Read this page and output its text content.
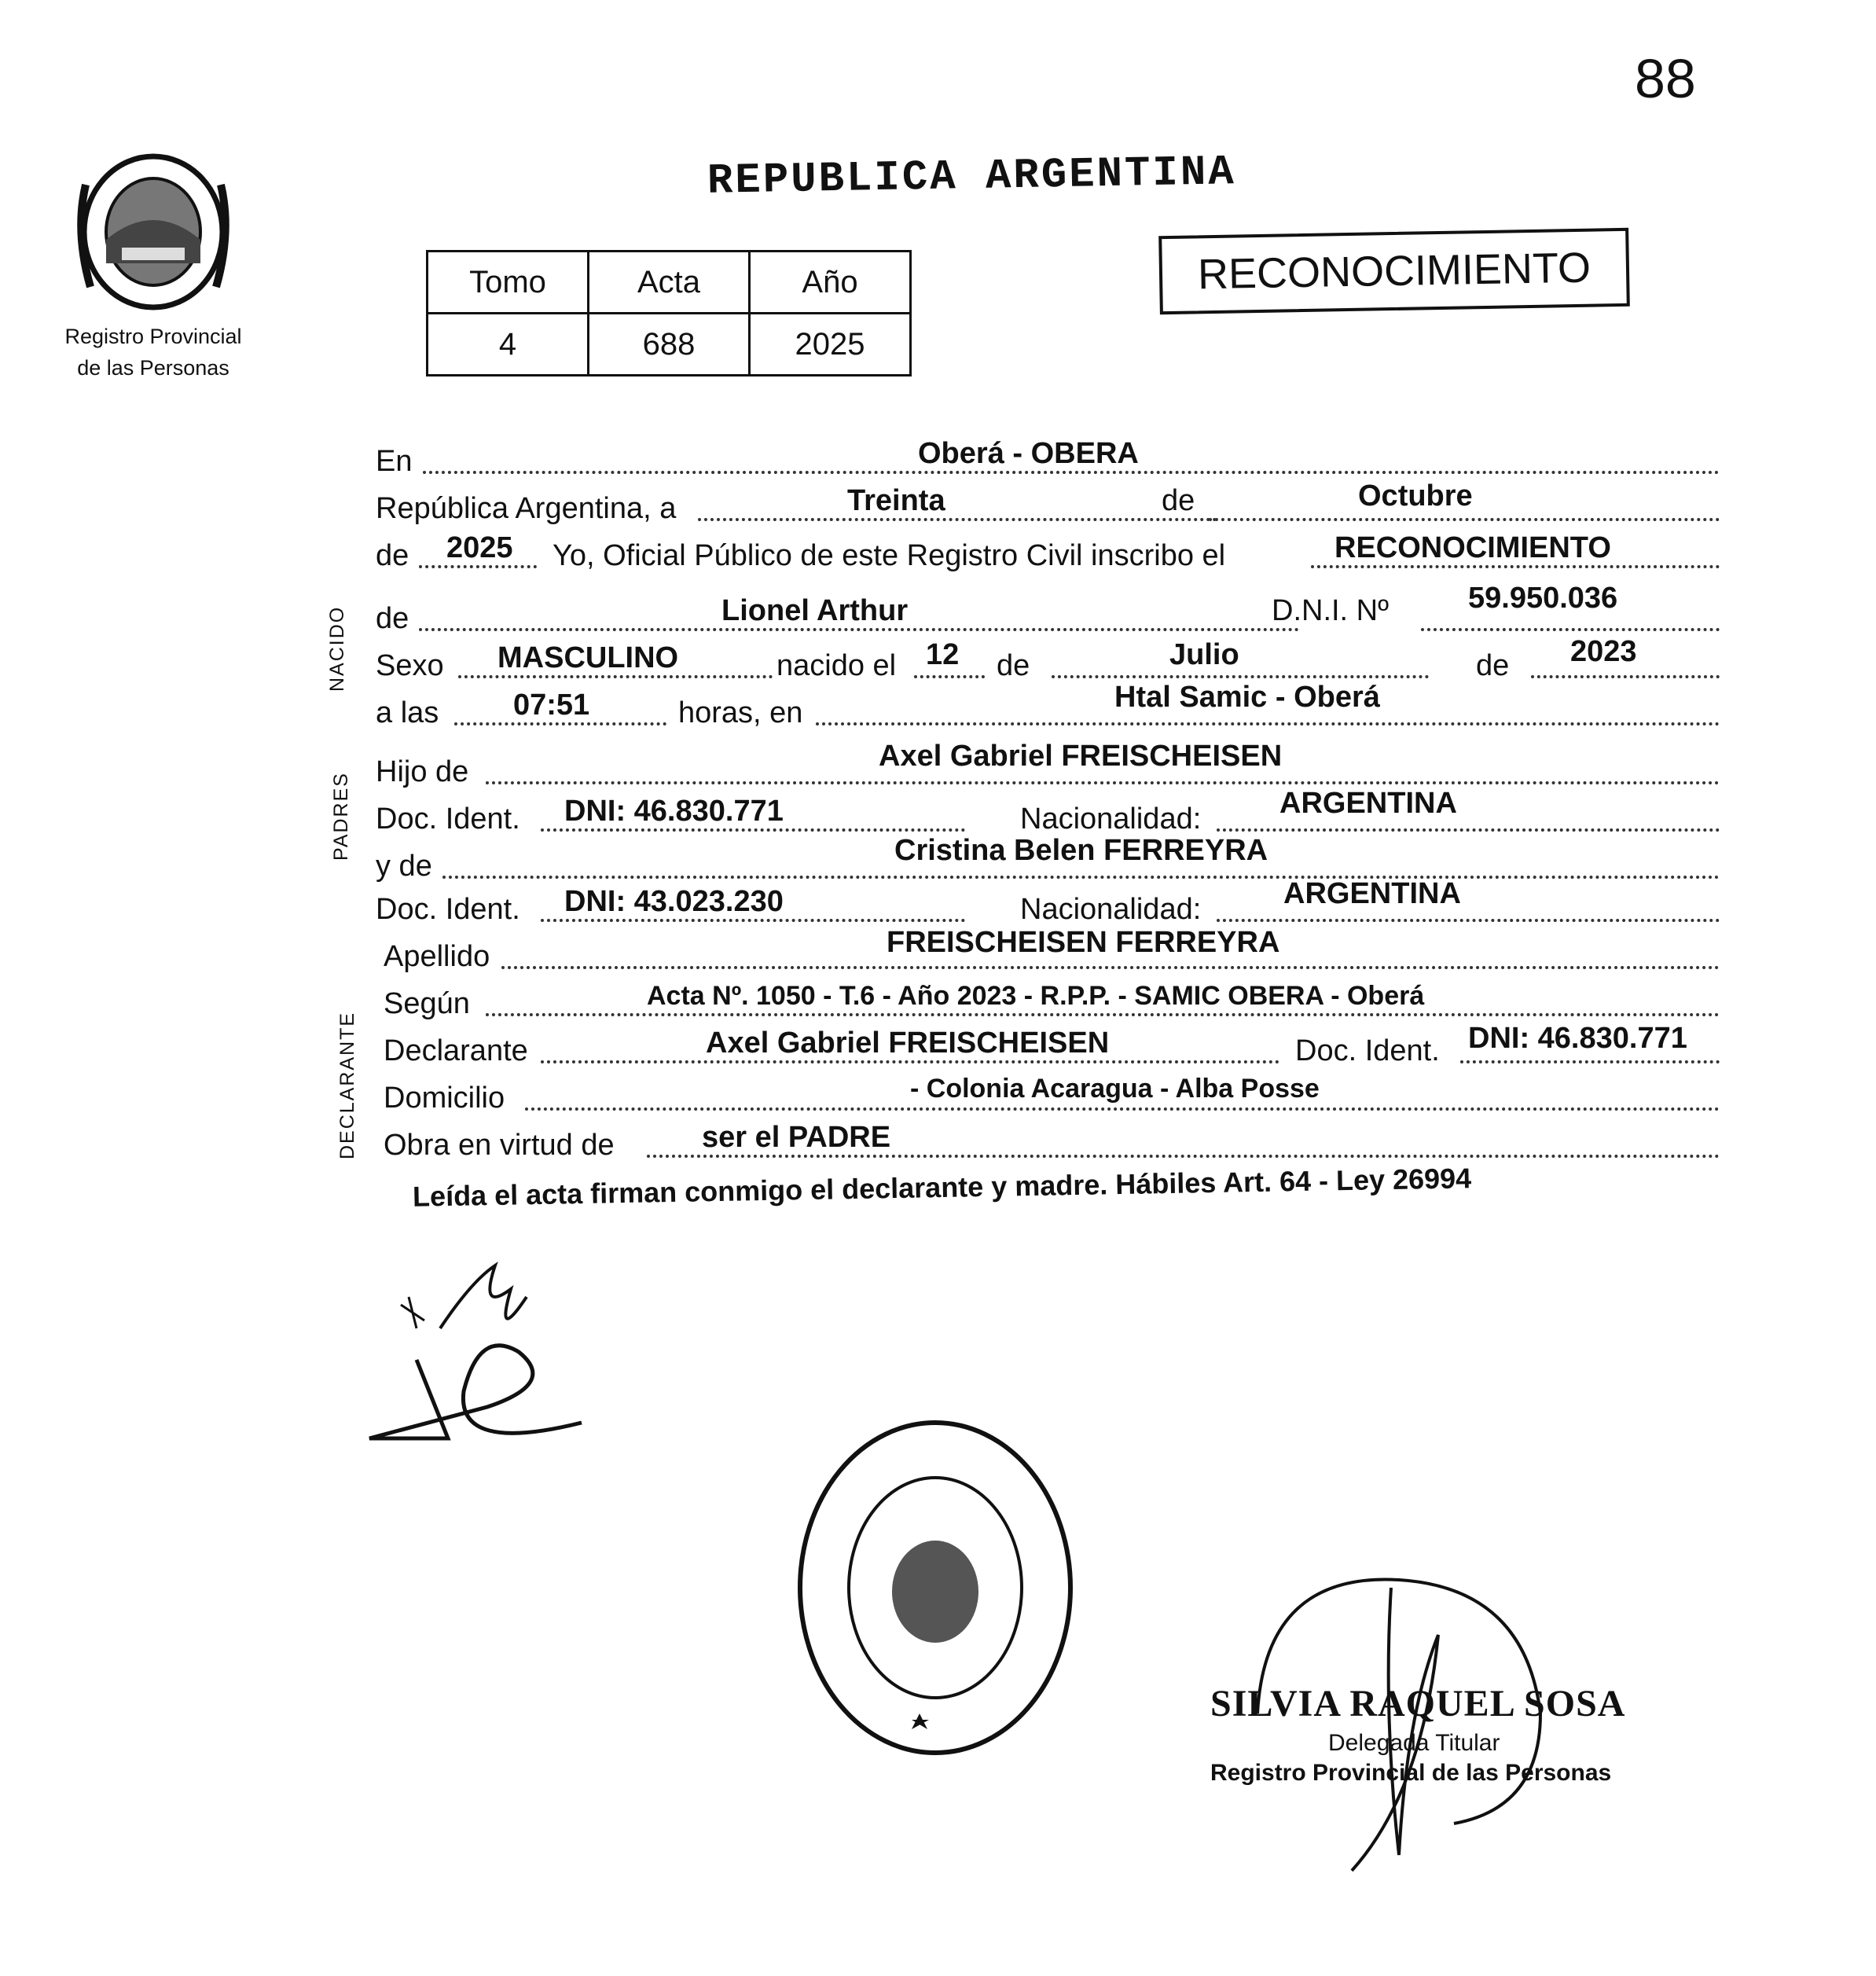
88
Registro Provincial
de las Personas
REPUBLICA ARGENTINA
Tomo	Acta	Año
4	688	2025
RECONOCIMIENTO
NACIDO
PADRES
DECLARANTE
En	Oberá - OBERA
República Argentina, a	Treinta	de	Octubre
de 2025 Yo, Oficial Público de este Registro Civil inscribo el	RECONOCIMIENTO
de	Lionel Arthur	D.N.I. Nº	59.950.036
Sexo MASCULINO	nacido el 12 de	Julio	de 2023
a las 07:51	horas, en	Htal Samic - Oberá
Hijo de	Axel Gabriel FREISCHEISEN
Doc. Ident. DNI: 46.830.771	Nacionalidad:	ARGENTINA
y de	Cristina Belen FERREYRA
Doc. Ident. DNI: 43.023.230	Nacionalidad:	ARGENTINA
Apellido	FREISCHEISEN FERREYRA
Según	Acta Nº. 1050 - T.6 - Año 2023 - R.P.P. - SAMIC OBERA - Oberá
Declarante	Axel Gabriel FREISCHEISEN	Doc. Ident. DNI: 46.830.771
Domicilio	- Colonia Acaragua - Alba Posse
Obra en virtud de	ser el PADRE
Leída el acta firman conmigo el declarante y madre. Hábiles Art. 64 - Ley 26994
SILVIA RAQUEL SOSA
Delegada Titular
Registro Provincial de las Personas
